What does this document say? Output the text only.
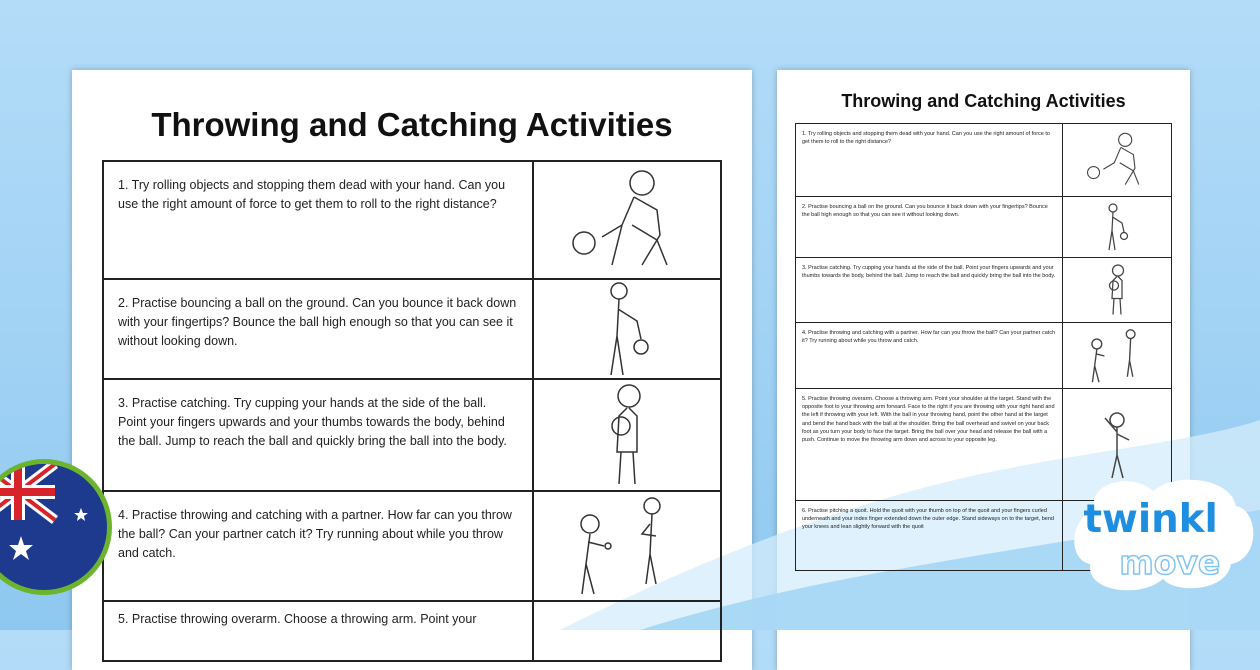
Throwing and Catching Activities
1. Try rolling objects and stopping them dead with your hand. Can you use the right amount of force to get them to roll to the right distance?	

2. Practise bouncing a ball on the ground. Can you bounce it back down with your fingertips? Bounce the ball high enough so that you can see it without looking down.	

3. Practise catching. Try cupping your hands at the side of the ball. Point your fingers upwards and your thumbs towards the body, behind the ball. Jump to reach the ball and quickly bring the ball into the body.	

4. Practise throwing and catching with a partner. How far can you throw the ball? Can your partner catch it? Try running about while you throw and catch.	

5. Practise throwing overarm. Choose a throwing arm. Point your	
Throwing and Catching Activities
1. Try rolling objects and stopping them dead with your hand. Can you use the right amount of force to get them to roll to the right distance?	

2. Practise bouncing a ball on the ground. Can you bounce it back down with your fingertips? Bounce the ball high enough so that you can see it without looking down.	

3. Practise catching. Try cupping your hands at the side of the ball. Point your fingers upwards and your thumbs towards the body, behind the ball. Jump to reach the ball and quickly bring the ball into the body.	

4. Practise throwing and catching with a partner. How far can you throw the ball? Can your partner catch it? Try running about while you throw and catch.	

5. Practise throwing overarm. Choose a throwing arm. Point your shoulder at the target. Stand with the opposite foot to your throwing arm forward. Face to the right if you are throwing with your right hand and the left if throwing with your left. With the ball in your throwing hand, point the other hand at the target and bend the hand back with the ball at the shoulder. Bring the ball overhead and swivel on your back foot as you turn your body to face the target. Bring the ball over your head and release the ball with a push. Continue to move the throwing arm down and across to your opposite leg.	

6. Practise pitching a quoit. Hold the quoit with your thumb on top of the quoit and your fingers curled underneath and your index finger extended down the outer edge. Stand sideways on to the target, bend your knees and lean slightly forward with the quoit		twinkl
move
